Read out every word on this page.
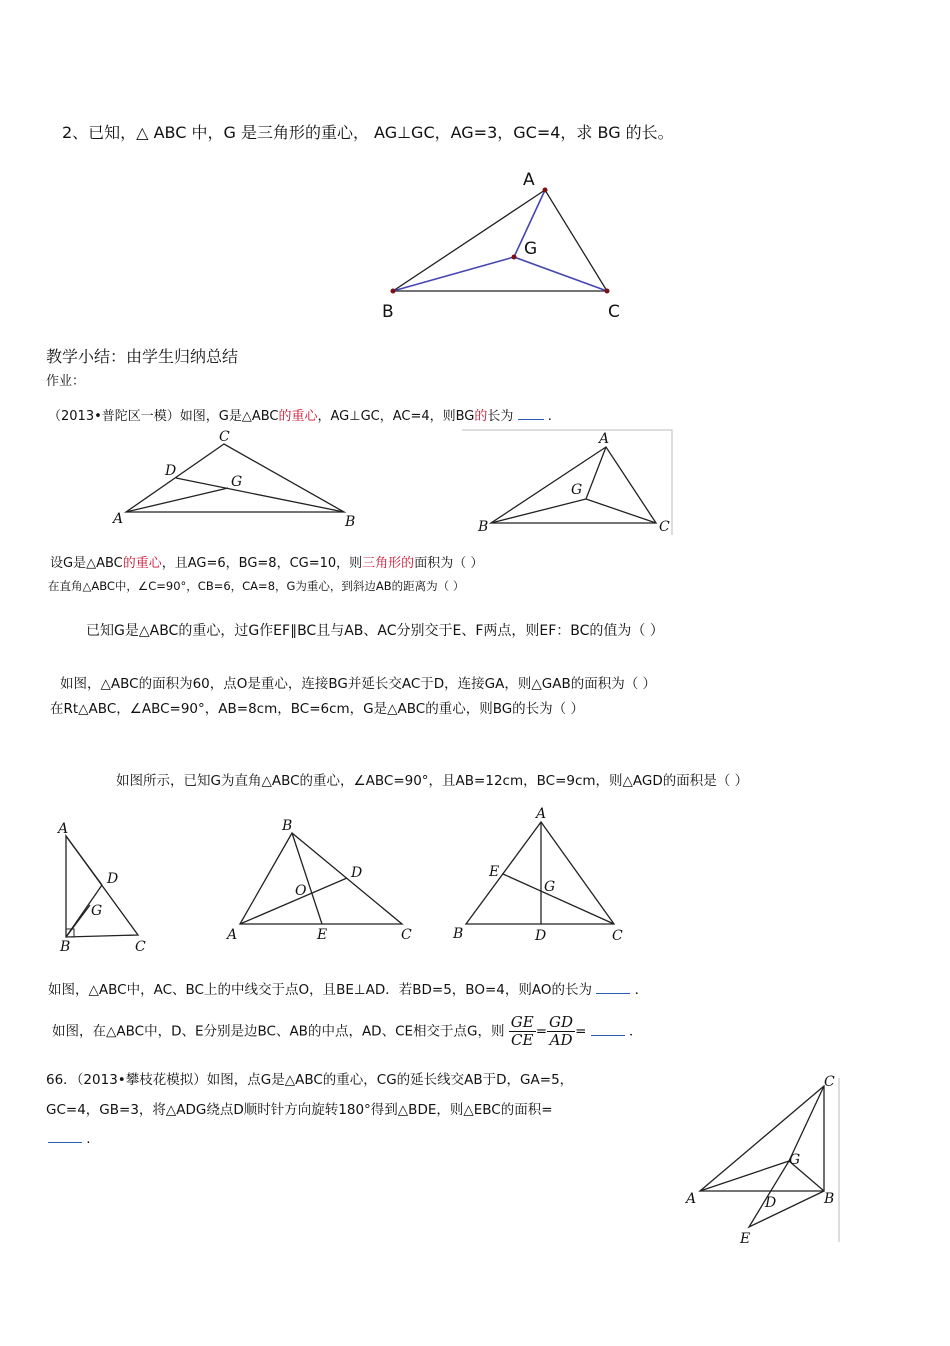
2、已知，△ ABC 中，G 是三角形的重心， AG⊥GC，AG=3，GC=4，求 BG 的长。
A
G
B	C
教学小结：由学生归纳总结
作业：
（2013•普陀区一模）如图，G是△ABC的重心，AG⊥GC，AC=4，则BG的长为	.
C
D
G
A	B
A
G
B	C
设G是△ABC的重心，且AG=6，BG=8，CG=10，则三角形的面积为（ ）
在直角△ABC中，∠C=90°，CB=6，CA=8，G为重心，到斜边AB的距离为（ ）
已知G是△ABC的重心，过G作EF∥BC且与AB、AC分别交于E、F两点，则EF：BC的值为（ ）
如图，△ABC的面积为60，点O是重心，连接BG并延长交AC于D，连接GA，则△GAB的面积为（ ）
在Rt△ABC，∠ABC=90°，AB=8cm，BC=6cm，G是△ABC的重心，则BG的长为（ ）
如图所示，已知G为直角△ABC的重心，∠ABC=90°，且AB=12cm，BC=9cm，则△AGD的面积是（ ）
A
D
G
B	C
B
D
O
A	E	C
A
E
G
B	D	C
如图，△ABC中，AC、BC上的中线交于点O，且BE⊥AD．若BD=5，BO=4，则AO的长为	．
如图，在△ABC中，D、E分别是边BC、AB的中点，AD、CE相交于点G，则 $\frac{GE}{CE} = \frac{GD}{AD}$ =	．
66．（2013•攀枝花模拟）如图，点G是△ABC的重心，CG的延长线交AB于D，GA=5，
GC=4，GB=3，将△ADG绕点D顺时针方向旋转180°得到△BDE，则△EBC的面积=
.
C
G
A	D	B
E
